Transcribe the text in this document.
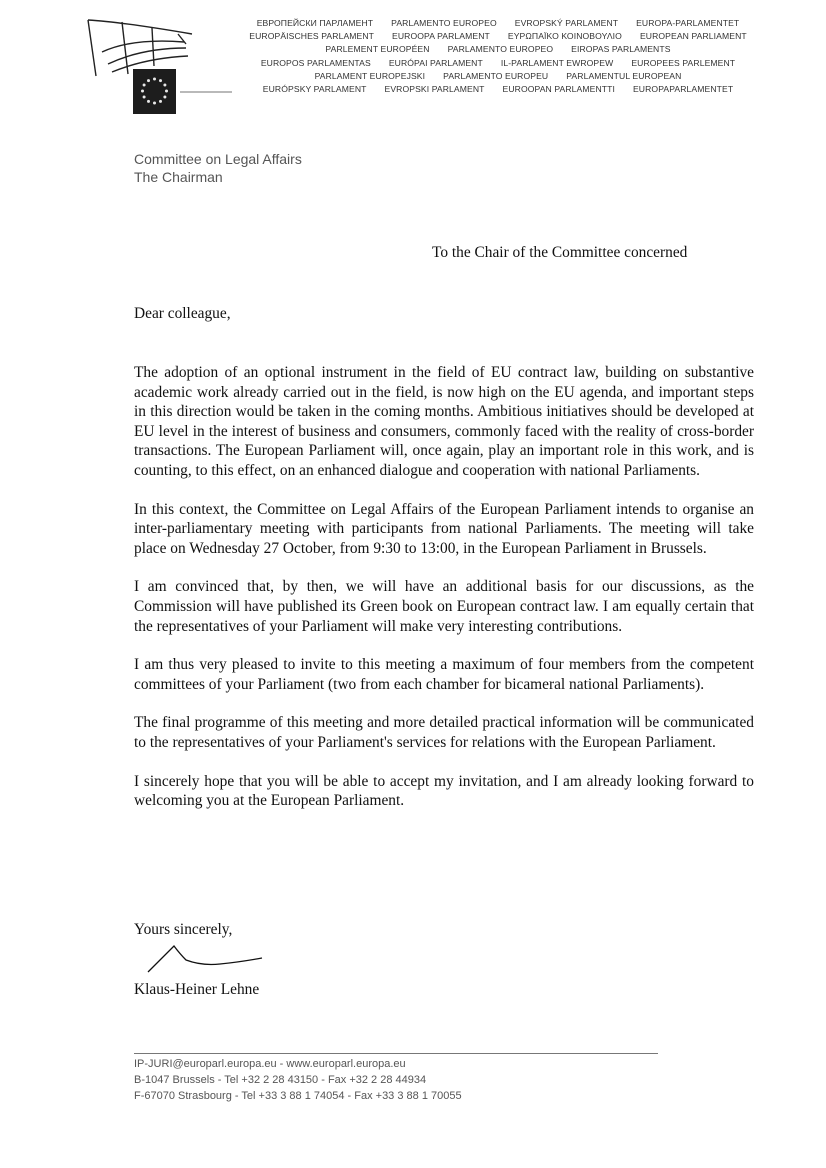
ЕВРОПЕЙСКИ ПАРЛАМЕНТ PARLAMENTO EUROPEO EVROPSKÝ PARLAMENT EUROPA-PARLAMENTET
EUROPÄISCHES PARLAMENT EUROOPA PARLAMENT ΕΥΡΩΠΑΪΚΟ ΚΟΙΝΟΒΟΥΛΙΟ EUROPEAN PARLIAMENT
PARLEMENT EUROPÉEN PARLAMENTO EUROPEO EIROPAS PARLAMENTS
EUROPOS PARLAMENTAS EURÓPAI PARLAMENT IL-PARLAMENT EWROPEW EUROPEES PARLEMENT
PARLAMENT EUROPEJSKI PARLAMENTO EUROPEU PARLAMENTUL EUROPEAN
EURÓPSKY PARLAMENT EVROPSKI PARLAMENT EUROOPAN PARLAMENTTI EUROPAPARLAMENTET
Committee on Legal Affairs
The Chairman
To the Chair of the Committee concerned
Dear colleague,

The adoption of an optional instrument in the field of EU contract law, building on substantive academic work already carried out in the field, is now high on the EU agenda, and important steps in this direction would be taken in the coming months. Ambitious initiatives should be developed at EU level in the interest of business and consumers, commonly faced with the reality of cross-border transactions. The European Parliament will, once again, play an important role in this work, and is counting, to this effect, on an enhanced dialogue and cooperation with national Parliaments.

In this context, the Committee on Legal Affairs of the European Parliament intends to organise an inter-parliamentary meeting with participants from national Parliaments. The meeting will take place on Wednesday 27 October, from 9:30 to 13:00, in the European Parliament in Brussels.

I am convinced that, by then, we will have an additional basis for our discussions, as the Commission will have published its Green book on European contract law. I am equally certain that the representatives of your Parliament will make very interesting contributions.

I am thus very pleased to invite to this meeting a maximum of four members from the competent committees of your Parliament (two from each chamber for bicameral national Parliaments).

The final programme of this meeting and more detailed practical information will be communicated to the representatives of your Parliament's services for relations with the European Parliament.

I sincerely hope that you will be able to accept my invitation, and I am already looking forward to welcoming you at the European Parliament.

Yours sincerely,
Klaus-Heiner Lehne
IP-JURI@europarl.europa.eu - www.europarl.europa.eu
B-1047 Brussels - Tel +32 2 28 43150 - Fax +32 2 28 44934
F-67070 Strasbourg - Tel +33 3 88 1 74054 - Fax +33 3 88 1 70055
